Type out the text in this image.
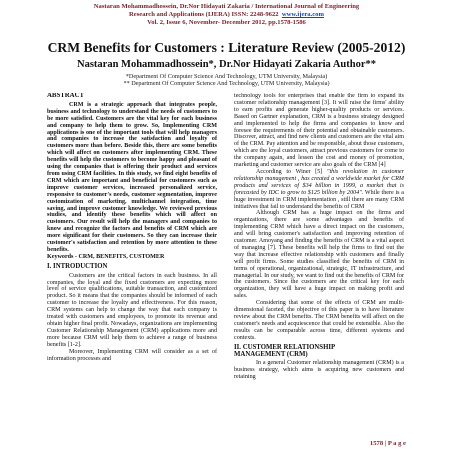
Nastaran Mohammadhossein, Dr.Nor Hidayati Zakaria / International Journal of Engineering
Research and Applications (IJERA) ISSN: 2248-9622 www.ijera.com
Vol. 2, Issue 6, November- December 2012, pp.1578-1586
CRM Benefits for Customers : Literature Review (2005-2012)
Nastaran Mohammadhossein*, Dr.Nor Hidayati Zakaria Author**
*Department Of Computer Science And Technology, UTM University, Malaysia)
** Department Of Computer Science And Technology, UTM University, Malaysia)
ABSTRACT

CRM is a strategic approach that integrates people, business and technology to understand the needs of customers to be more satisfied. Customers are the vital key for each business and company to help them to grow. So, Implementing CRM applications is one of the important tools that will help managers and companies to increase the satisfaction and loyalty of customers more than before. Beside this, there are some benefits which will affect on customers after implementing CRM. These benefits will help the customers to become happy and pleasant of using the companies that is offering their product and services from using CRM facilities. In this study, we find eight benefits of CRM which are important and beneficial for customers such as improve customer services, increased personalized service, responsive to customer's needs, customer segmentation, improve customization of marketing, multichannel integration, time saving, and improve customer knowledge. We reviewed previous studies, and identify these benefits which will affect on customers. Our result will help the managers and companies to know and recognize the factors and benefits of CRM which are more significant for their customers. So they can increase their customer's satisfaction and retention by more attention to these benefits.

Keywords - CRM, BENEFITS, CUSTOMER

I. INTRODUCTION

Customers are the critical factors in each business. In all companies, the loyal and the fixed customers are expecting more level of service qualifications, suitable transaction, and customized product. So it means that the companies should be informed of each customer to increase the loyalty and effectiveness. For this reason, CRM systems can help to change the way that each company is treated with customers and employees, to promote its revenue and obtain higher final profit. Nowadays, organizations are implementing Customer Relationship Management (CRM) applications more and more because CRM will help them to achieve a range of business benefits [1-2].

Moreover, Implementing CRM will consider as a set of information processes and

technology tools for enterprises that enable the firm to expand its customer relationship management [3]. It will raise the firms' ability to earn profits and generate higher-quality products or services. Based on Gartner explanation, CRM is a business strategy designed and implemented to help the firms and companies to know and foresee the requirements of their potential and obtainable customers. Discover, attract, and find new clients and customers are the vital aim of the CRM. Pay attention and be responsible, about those customers, which are the loyal customers, attract previous customers for come to the company again, and lessen the cost and money of promotion, marketing and customer service are also goals of the CRM [4]

According to Winer [5] "this revolution in customer relationship management , has created a worldwide market for CRM products and services of $34 billion in 1999, a market that is forecasted by IDC to grow to $125 billion by 2004". While there is a huge investment in CRM implementation , still there are many CRM initiatives that fail to understand the benefits of CRM

Although CRM has a huge impact on the firms and organizations, there are some advantages and benefits of implementing CRM which have a direct impact on the customers, and will bring customer's satisfaction and improving retention of customer. Amoyang and finding the benefits of CRM is a vital aspect of managing [7]. These benefits will help the firms to find out the way that increase effective relationship with customers and finally will profit firms. Some studies classified the benefits of CRM in terms of operational, organizational, strategic, IT infrastructure, and managerial. In our study, we want to find out the benefits of CRM for the customers. Since the customers are the critical key for each organization, they will have a huge impact on making profit and sales.

Considering that some of the effects of CRM are multi-dimensional faceted, the objective of this paper is to have literature review about the CRM benefits. The CRM benefits will affect on the customer's needs and acquiescence that could be extensible. Also the results can be comparable across time, different systems and contexts.

II. CUSTOMER RELATIONSHIP
MANAGEMENT (CRM)

In a general Customer relationship management (CRM) is a business strategy, which aims is acquiring new customers and retaining

1578 | P a g e
